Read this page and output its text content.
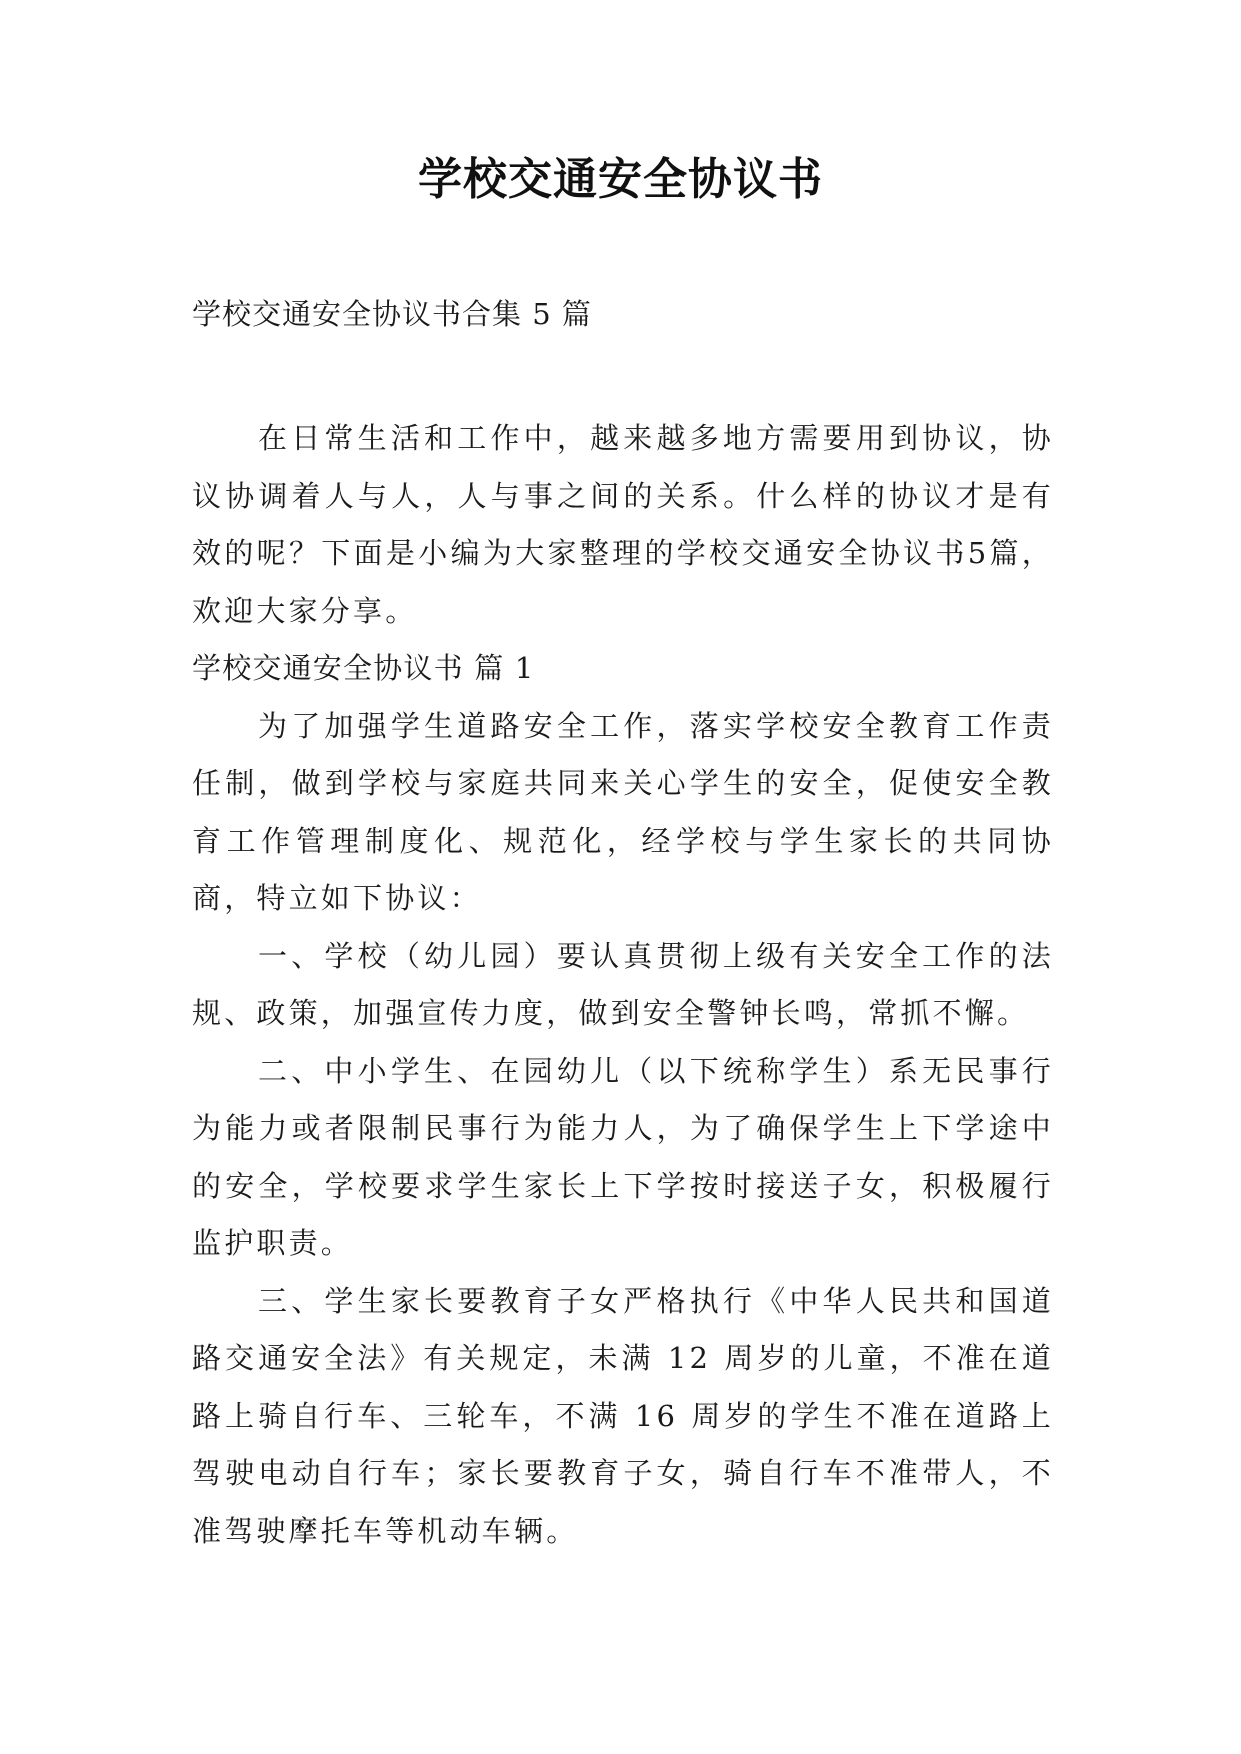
学校交通安全协议书

学校交通安全协议书合集 5 篇

在日常生活和工作中，越来越多地方需要用到协议，协议协调着人与人，人与事之间的关系。什么样的协议才是有效的呢？下面是小编为大家整理的学校交通安全协议书5篇，欢迎大家分享。

学校交通安全协议书 篇 1

为了加强学生道路安全工作，落实学校安全教育工作责任制，做到学校与家庭共同来关心学生的安全，促使安全教育工作管理制度化、规范化，经学校与学生家长的共同协商，特立如下协议：

一、学校（幼儿园）要认真贯彻上级有关安全工作的法规、政策，加强宣传力度，做到安全警钟长鸣，常抓不懈。

二、中小学生、在园幼儿（以下统称学生）系无民事行为能力或者限制民事行为能力人，为了确保学生上下学途中的安全，学校要求学生家长上下学按时接送子女，积极履行监护职责。

三、学生家长要教育子女严格执行《中华人民共和国道路交通安全法》有关规定，未满 12 周岁的儿童，不准在道路上骑自行车、三轮车，不满 16 周岁的学生不准在道路上驾驶电动自行车；家长要教育子女，骑自行车不准带人，不准驾驶摩托车等机动车辆。
